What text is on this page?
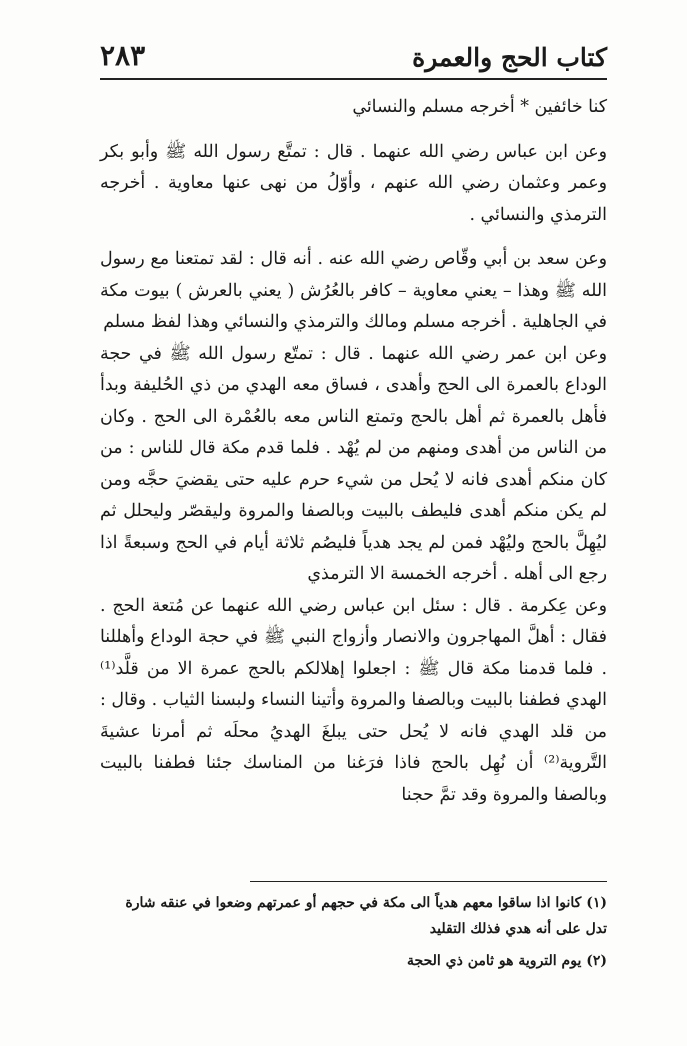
كتاب الحج والعمرة
٢٨٣

كنا خائفين * أخرجه مسلم والنسائي

وعن ابن عباس رضي الله عنهما . قال : تمتَّع رسول الله ﷺ وأبو بكر وعمر وعثمان رضي الله عنهم ، وأوّلُ من نهى عنها معاوية . أخرجه الترمذي والنسائي .

وعن سعد بن أبي وقّاص رضي الله عنه . أنه قال : لقد تمتعنا مع رسول الله ﷺ وهذا – يعني معاوية – كافر بالعُرُش ( يعني بالعرش ) بيوت مكة في الجاهلية . أخرجه مسلم ومالك والترمذي والنسائي وهذا لفظ مسلم

وعن ابن عمر رضي الله عنهما . قال : تمتّع رسول الله ﷺ في حجة الوداع بالعمرة الى الحج وأهدى ، فساق معه الهدي من ذي الحُليفة وبدأ فأهل بالعمرة ثم أهل بالحج وتمتع الناس معه بالعُمْرة الى الحج . وكان من الناس من أهدى ومنهم من لم يُهْد . فلما قدم مكة قال للناس : من كان منكم أهدى فانه لا يُحل من شيء حرم عليه حتى يقضيَ حجَّه ومن لم يكن منكم أهدى فليطف بالبيت وبالصفا والمروة وليقصّر وليحلل ثم ليُهِلَّ بالحج وليُهْد فمن لم يجد هدياً فليصُم ثلاثة أيام في الحج وسبعةً اذا رجع الى أهله . أخرجه الخمسة الا الترمذي

وعن عِكرمة . قال : سئل ابن عباس رضي الله عنهما عن مُتعة الحج . فقال : أهلَّ المهاجرون والانصار وأزواج النبي ﷺ في حجة الوداع وأهللنا . فلما قدمنا مكة قال ﷺ : اجعلوا إهلالكم بالحج عمرة الا من قلَّد⁽¹⁾ الهدي فطفنا بالبيت وبالصفا والمروة وأتينا النساء ولبسنا الثياب . وقال : من قلد الهدي فانه لا يُحل حتى يبلغَ الهديُ محلَه ثم أمرنا عشيةَ التَّروية⁽²⁾ أن نُهِل بالحج فاذا فرَغنا من المناسك جئنا فطفنا بالبيت وبالصفا والمروة وقد تمَّ حجنا

(١) كانوا اذا ساقوا معهم هدياً الى مكة في حجهم أو عمرتهم وضعوا في عنقه شارة تدل على أنه هدي فذلك التقليد

(٢) يوم التروية هو ثامن ذي الحجة
